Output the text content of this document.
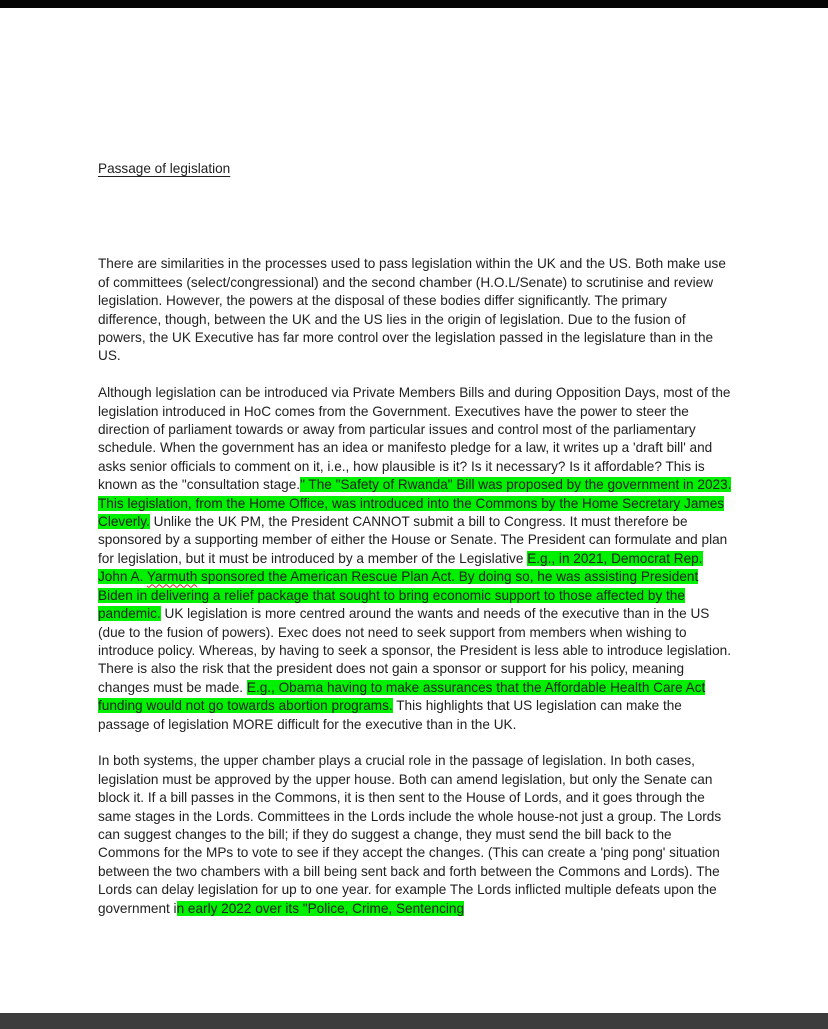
Passage of legislation

There are similarities in the processes used to pass legislation within the UK and the US. Both make use of committees (select/congressional) and the second chamber (H.O.L/Senate) to scrutinise and review legislation. However, the powers at the disposal of these bodies differ significantly. The primary difference, though, between the UK and the US lies in the origin of legislation. Due to the fusion of powers, the UK Executive has far more control over the legislation passed in the legislature than in the US.

Although legislation can be introduced via Private Members Bills and during Opposition Days, most of the legislation introduced in HoC comes from the Government. Executives have the power to steer the direction of parliament towards or away from particular issues and control most of the parliamentary schedule. When the government has an idea or manifesto pledge for a law, it writes up a 'draft bill' and asks senior officials to comment on it, i.e., how plausible is it? Is it necessary? Is it affordable? This is known as the "consultation stage." The "Safety of Rwanda" Bill was proposed by the government in 2023. This legislation, from the Home Office, was introduced into the Commons by the Home Secretary James Cleverly. Unlike the UK PM, the President CANNOT submit a bill to Congress. It must therefore be sponsored by a supporting member of either the House or Senate. The President can formulate and plan for legislation, but it must be introduced by a member of the Legislative E.g., in 2021, Democrat Rep. John A. Yarmuth sponsored the American Rescue Plan Act. By doing so, he was assisting President Biden in delivering a relief package that sought to bring economic support to those affected by the pandemic. UK legislation is more centred around the wants and needs of the executive than in the US (due to the fusion of powers). Exec does not need to seek support from members when wishing to introduce policy. Whereas, by having to seek a sponsor, the President is less able to introduce legislation. There is also the risk that the president does not gain a sponsor or support for his policy, meaning changes must be made. E.g., Obama having to make assurances that the Affordable Health Care Act funding would not go towards abortion programs. This highlights that US legislation can make the passage of legislation MORE difficult for the executive than in the UK.

In both systems, the upper chamber plays a crucial role in the passage of legislation. In both cases, legislation must be approved by the upper house. Both can amend legislation, but only the Senate can block it. If a bill passes in the Commons, it is then sent to the House of Lords, and it goes through the same stages in the Lords. Committees in the Lords include the whole house-not just a group. The Lords can suggest changes to the bill; if they do suggest a change, they must send the bill back to the Commons for the MPs to vote to see if they accept the changes. (This can create a 'ping pong' situation between the two chambers with a bill being sent back and forth between the Commons and Lords). The Lords can delay legislation for up to one year. for example The Lords inflicted multiple defeats upon the government in early 2022 over its "Police, Crime, Sentencing
